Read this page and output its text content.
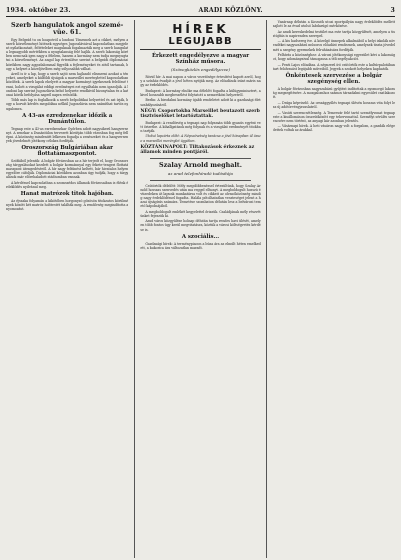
1934. október 23.	ARADI KÖZLÖNY.	3
Szerb hangulatok angol szemé-vüe. 61.

Egy Belgrád tu on hoapotröl a londoni Tímesnek azt a cikket, melyen a szerb közvéleményt hitének egységes Jugoszláviával kapcsolatban megjelent nyilatkozatait, feltételeket maguknak fogalmazták meg a szerb hangulat a legnagyobb mértékben a nyugtalanság felé hajlik. A szerb lakosság körében nemcsak igen nagy a félelem, hanem a kormány nem tudja megnyugtatni a közvéleményt. Az angol lap értesülése szerint a belgrádi diplomáciai körökben nagy aggodalommal figyelik a fejleményeket és attól tartanak, hogy a helyzet a közeljövőben még súlyosabbá válhat.

Arról is ír a lap, hogy a szerb sajtó nem hajlandó elismerni azokat a tényeket, amelyeket a külföldi újságok a marseillei merénylettel kapcsolatban közöltek. A szerb lapok ehelyett a magyar kormányt igyekeznek felelőssé tenni, holott a vizsgálat eddigi eredményei ezt egyáltalán nem igazolják. A londoni lap szerint Jugoszlávia belső helyzete rendkívül bizonytalan és a katonai körök befolyása napról napra erősödik.

Több más lap is foglalkozik a szerb belpolitikai helyzettel és azt írják, hogy a horvát kérdés megoldása nélkül Jugoszlávia nem számíthat tartós nyugalomra.

A 43-as ezredzenekar időzik a Dunántúlon.

Tegnap este a 43-as ezredzenekar Győrben adott nagysikerű hangversenyt. A zenekar a Dunántúlon tervezett körútján több városban fog még fellépni. A közönség mindenütt lelkesen fogadja a zenészeket és a hangversenyek jövedelmét jótékony célokra fordítják.

Oroszország Bulgáriában akar flottatámaszpontot.

Szófiából jelentik: A bolgár fővárosban az a hír terjedt el, hogy Oroszország tárgyalásokat kezdett a bolgár kormánnyal egy fekete-tengeri flottatámaszpont átengedéséről. A hír nagy feltűnést keltett, bár hivatalos helyen egyelőre cáfolják. Diplomáciai körökben azonban úgy tudják, hogy a tárgyalások már előrehaladott stádiumban vannak.

A kérdéssel kapcsolatban a szomszédos államok fővárosaiban is élénk érdeklődés nyilvánul meg.

Hanat matrózok titok hajóban.

Az éjszaka folyamán a kikötőben horgonyzó gőzösön titokzatos körülmények között két matróz holttestét találták meg. A rendőrség megindította a nyomozást.

HÍREK
LEGUJABB
Érkezett engedélyezve a magyar Színház műsora.
(Szövegközlés engedélyezve)

Rövid hír: A mai napon a város vezetősége értesítést kapott arról, hogy a színház évadját a jövő héten nyitják meg. Az előadások iránt máris nagy az érdeklődés.

Budapest: A kormány elnöke ma délelőtt fogadta a külügyminisztert, akivel hosszabb megbeszélést folytatott a nemzetközi helyzetről.

Berlin: A birodalmi kormány újabb rendeletet adott ki a gazdasági élet szabályozásáról.

NÉGY: Csoportokba Marseillet beutazott szerb tisztviselőket letartóztattak.

Budapest: A rendőrség a tegnapi nap folyamán több gyanús egyént vett őrizetbe. A kihallgatások még folynak és a vizsgálat eredményét titokban tartják.

Utolsó lapzárta előtt: A Népszövetség tanácsa a jövő hónapban ül össze a marseillei merénylet ügyében.

KÖZTÁNINAPOLT: Tiltakozások érkeznek az államok minden pontjáról.
Szalay Arnold meghalt.
az arad telefonhíradó tudósítója

Csütörtök délelőtt: Mély megdöbbenéssel értesültünk, hogy Szalay Arnold hosszas szenvedés után ma reggel elhunyt. A megboldogult hosszú évtizedeken át lapunk munkatársa volt és cikkeit az olvasóközönség mindig nagy érdeklődéssel fogadta. Halála pótolhatatlan veszteséget jelent a hazai újságírás számára. Temetése szombaton délután lesz a belvárosi temető kápolnájából.

A megboldogult emlékét kegyelettel őrizzük. Családjának mély részvétünket fejezzük ki.

Arad város közgyűlése holnap délután tartja rendes havi ülését, amelyen több fontos ügy kerül megvitatásra, köztük a városi költségvetés kérdése is.

A szociális...

Gazdasági hírek: A terménypiacon a búza ára az elmúlt héten emelkedett, a kukorica ára változatlan maradt.

Vasárnap délután a Kossuth utcai sportpályán nagy érdeklődés mellett zajlott le az évad utolsó labdarúgó mérkőzése.

Az aradi kereskedelmi testület ma este tartja közgyűlését, amelyen a tisztújítás is napirenden szerepel.

— A kis hadsereg íve. A közelgő ünnepek alkalmából a helyi iskolák növendékei nagyszabású műsoros előadást rendeznek, amelynek tiszta jövedelmét a szegény gyermekek felruházására fordítják.

Felhívás a közönséghez: A városi jótékonysági egyesület kéri a lakosságot, hogy adományaival támogassa a téli segélyakciót.

— Fenti Lajos előadása. A népszerű író csütörtök este a kultúrpalotában tart felolvasást legújabb műveiből. Jegyek a szokott helyeken kaphatók.

Önkéntesek szervezése a bolgár szegénység ellen.

A bolgár fővárosban nagyszabású gyűjtést indítottak a nyomorgó lakosság megsegítésére. A mozgalomhoz számos társadalmi egyesület csatlakozott.

— Drága képviselő. Az országgyűlés tegnapi ülésén hosszas vita folyt le az új adótörvényjavaslatról.

— Vasúti szerencsétlenség. A Temesvár felé tartó személyvonat tegnap este a kisállomáson összeütközött egy tehervonattal. Személyi sérülés szerencsére nem történt, az anyagi kár azonban jelentős.

— Vásárnapi hírek. A heti vásáron nagy volt a forgalom, a gazdák elégedettek voltak az árakkal.
